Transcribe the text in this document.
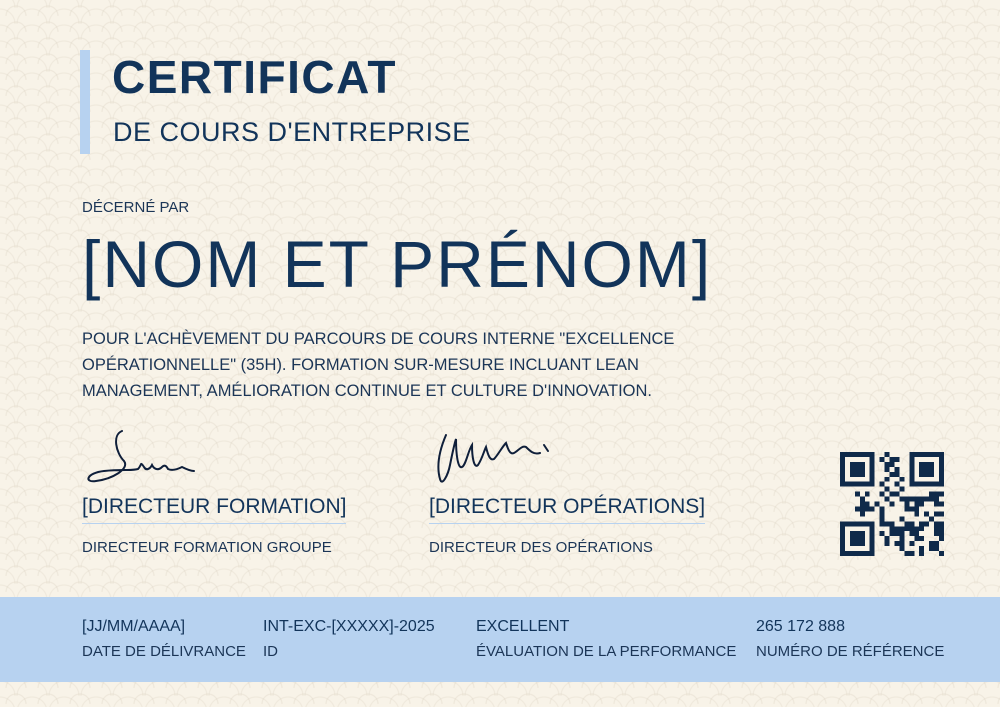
CERTIFICAT
DE COURS D'ENTREPRISE
DÉCERNÉ PAR
[NOM ET PRÉNOM]
POUR L'ACHÈVEMENT DU PARCOURS DE COURS INTERNE "EXCELLENCE OPÉRATIONNELLE" (35H). FORMATION SUR-MESURE INCLUANT LEAN MANAGEMENT, AMÉLIORATION CONTINUE ET CULTURE D'INNOVATION.
[DIRECTEUR FORMATION]
DIRECTEUR FORMATION GROUPE
[DIRECTEUR OPÉRATIONS]
DIRECTEUR DES OPÉRATIONS
[JJ/MM/AAAA]
DATE DE DÉLIVRANCE
INT-EXC-[XXXXX]-2025
ID
EXCELLENT
ÉVALUATION DE LA PERFORMANCE
265 172 888
NUMÉRO DE RÉFÉRENCE
